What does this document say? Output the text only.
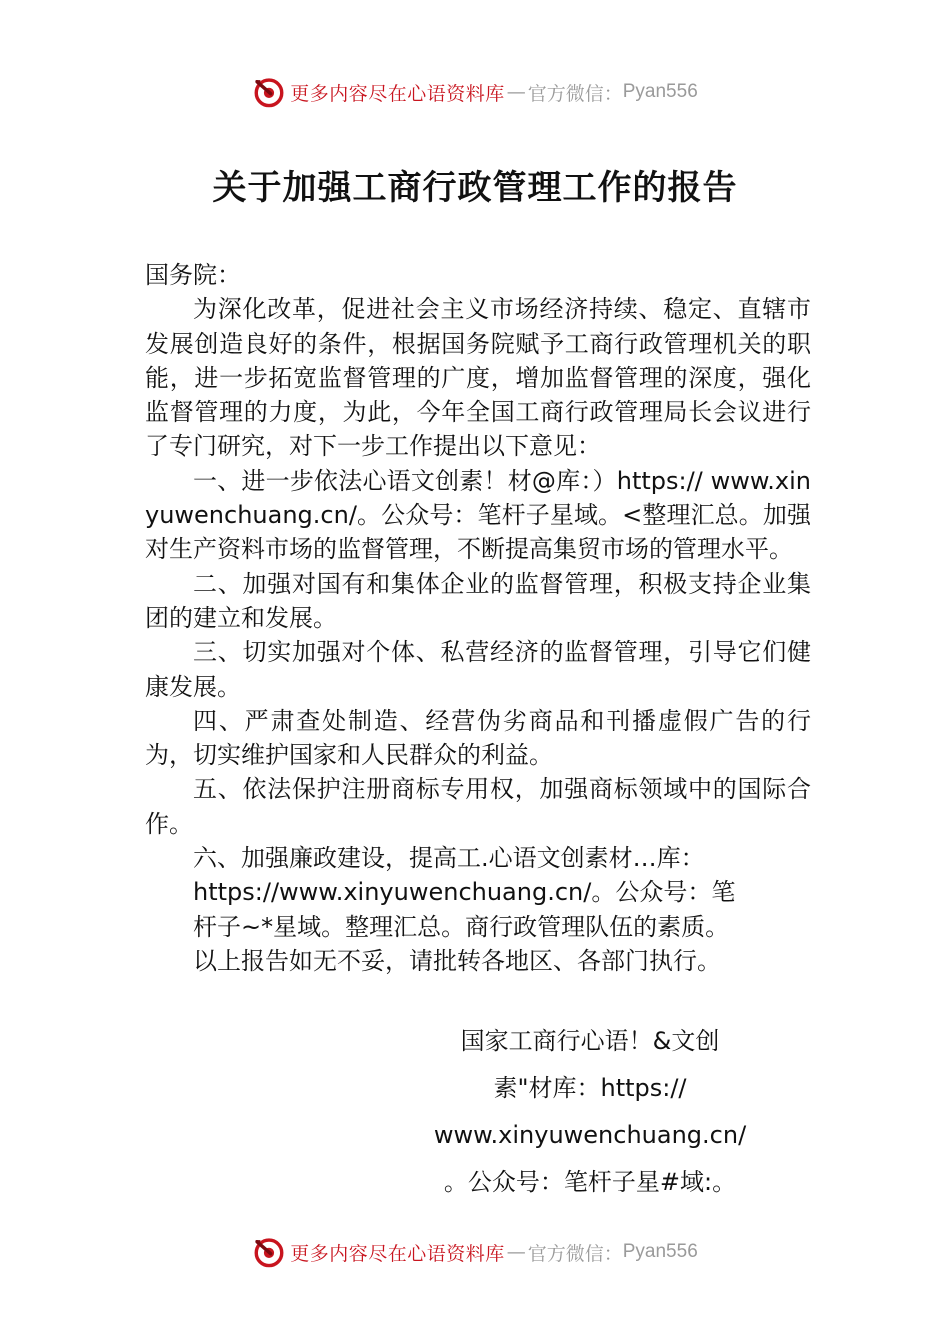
更多内容尽在心语资料库 — 官方微信： Pyan556
关于加强工商行政管理工作的报告

国务院：

为深化改革，促进社会主义市场经济持续、稳定、直辖市发展创造良好的条件，根据国务院赋予工商行政管理机关的职能，进一步拓宽监督管理的广度，增加监督管理的深度，强化监督管理的力度，为此，今年全国工商行政管理局长会议进行了专门研究，对下一步工作提出以下意见：

一、进一步依法心语文创素！材@库：）https:// www.xinyuwenchuang.cn/。公众号：笔杆子星域。<整理汇总。加强对生产资料市场的监督管理，不断提高集贸市场的管理水平。

二、加强对国有和集体企业的监督管理，积极支持企业集团的建立和发展。

三、切实加强对个体、私营经济的监督管理，引导它们健康发展。

四、严肃查处制造、经营伪劣商品和刊播虚假广告的行为，切实维护国家和人民群众的利益。

五、依法保护注册商标专用权，加强商标领域中的国际合作。

六、加强廉政建设，提高工.心语文创素材…库：

https://www.xinyuwenchuang.cn/。公众号：笔

杆子~*星域。整理汇总。商行政管理队伍的素质。

以上报告如无不妥，请批转各地区、各部门执行。

国家工商行心语！&文创
素"材库：https://
www.xinyuwenchuang.cn/
。公众号：笔杆子星#域:。
更多内容尽在心语资料库 — 官方微信： Pyan556
